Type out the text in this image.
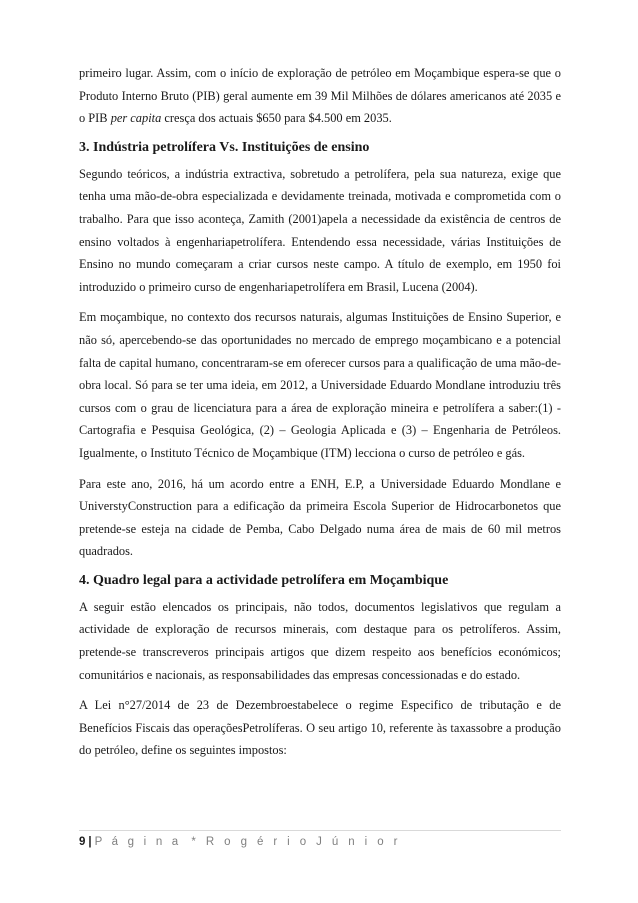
primeiro lugar. Assim, com o início de exploração de petróleo em Moçambique espera-se que o Produto Interno Bruto (PIB) geral aumente em 39 Mil Milhões de dólares americanos até 2035 e o PIB per capita cresça dos actuais $650 para $4.500 em 2035.

3. Indústria petrolífera Vs. Instituições de ensino

Segundo teóricos, a indústria extractiva, sobretudo a petrolífera, pela sua natureza, exige que tenha uma mão-de-obra especializada e devidamente treinada, motivada e comprometida com o trabalho. Para que isso aconteça, Zamith (2001)apela a necessidade da existência de centros de ensino voltados à engenhariapetrolífera. Entendendo essa necessidade, várias Instituições de Ensino no mundo começaram a criar cursos neste campo. A título de exemplo, em 1950 foi introduzido o primeiro curso de engenhariapetrolífera em Brasil, Lucena (2004).

Em moçambique, no contexto dos recursos naturais, algumas Instituições de Ensino Superior, e não só, apercebendo-se das oportunidades no mercado de emprego moçambicano e a potencial falta de capital humano, concentraram-se em oferecer cursos para a qualificação de uma mão-de-obra local. Só para se ter uma ideia, em 2012, a Universidade Eduardo Mondlane introduziu três cursos com o grau de licenciatura para a área de exploração mineira e petrolífera a saber:(1) - Cartografia e Pesquisa Geológica, (2) – Geologia Aplicada e (3) – Engenharia de Petróleos. Igualmente, o Instituto Técnico de Moçambique (ITM) lecciona o curso de petróleo e gás.

Para este ano, 2016, há um acordo entre a ENH, E.P, a Universidade Eduardo Mondlane e UniverstyConstruction para a edificação da primeira Escola Superior de Hidrocarbonetos que pretende-se esteja na cidade de Pemba, Cabo Delgado numa área de mais de 60 mil metros quadrados.

4. Quadro legal para a actividade petrolífera em Moçambique

A seguir estão elencados os principais, não todos, documentos legislativos que regulam a actividade de exploração de recursos minerais, com destaque para os petrolíferos. Assim, pretende-se transcreveros principais artigos que dizem respeito aos benefícios económicos; comunitários e nacionais, as responsabilidades das empresas concessionadas e do estado.

A Lei n°27/2014 de 23 de Dezembroestabelece o regime Especifico de tributação e de Benefícios Fiscais das operaçõesPetrolíferas. O seu artigo 10, referente às taxassobre a produção do petróleo, define os seguintes impostos:

9 | P á g i n a * R o g é r i o J ú n i o r
